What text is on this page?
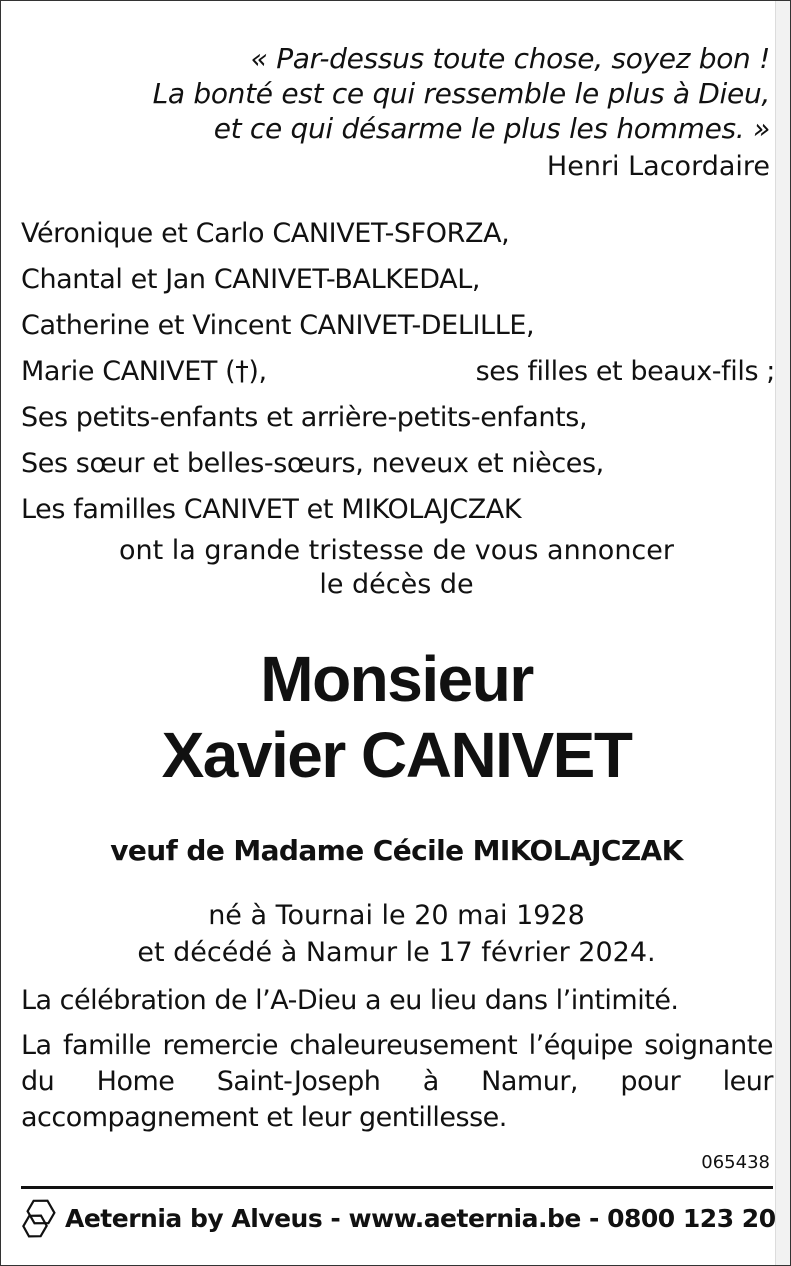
« Par-dessus toute chose, soyez bon !
La bonté est ce qui ressemble le plus à Dieu,
et ce qui désarme le plus les hommes. »
Henri Lacordaire
Véronique et Carlo CANIVET-SFORZA,
Chantal et Jan CANIVET-BALKEDAL,
Catherine et Vincent CANIVET-DELILLE,
Marie CANIVET (†),	ses filles et beaux-fils ;
Ses petits-enfants et arrière-petits-enfants,
Ses sœur et belles-sœurs, neveux et nièces,
Les familles CANIVET et MIKOLAJCZAK
ont la grande tristesse de vous annoncer
le décès de
Monsieur
Xavier CANIVET
veuf de Madame Cécile MIKOLAJCZAK
né à Tournai le 20 mai 1928
et décédé à Namur le 17 février 2024.
La célébration de l’A-Dieu a eu lieu dans l’intimité.
La famille remercie chaleureusement l’équipe soignante du Home Saint-Joseph à Namur, pour leur accompagnement et leur gentillesse.
065438
Aeternia by Alveus - www.aeternia.be - 0800 123 20
